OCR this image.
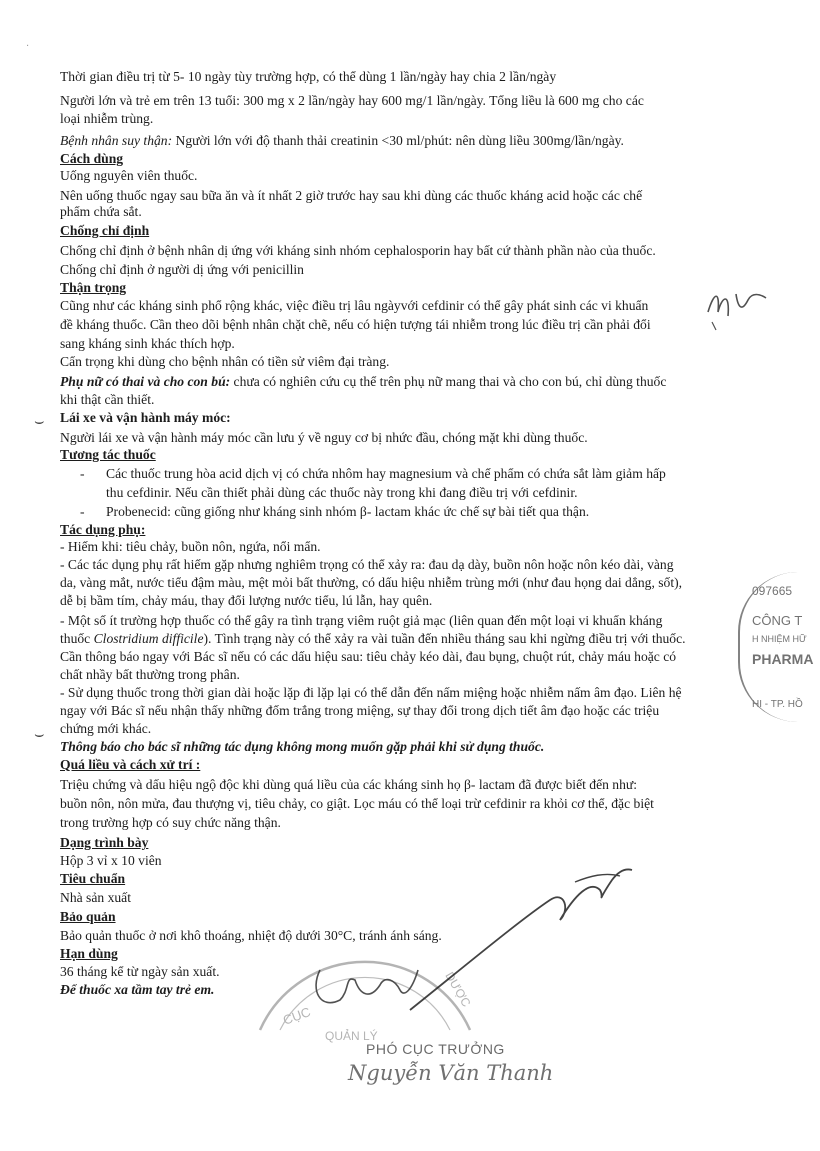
Thời gian điều trị từ 5- 10 ngày tùy trường hợp, có thể dùng 1 lần/ngày hay chia 2 lần/ngày
Người lớn và trẻ em trên 13 tuổi: 300 mg x 2 lần/ngày hay 600 mg/1 lần/ngày. Tổng liều là 600 mg cho các
loại nhiễm trùng.
Bệnh nhân suy thận: Người lớn với độ thanh thải creatinin <30 ml/phút: nên dùng liều 300mg/lần/ngày.
Cách dùng
Uống nguyên viên thuốc.
Nên uống thuốc ngay sau bữa ăn và ít nhất 2 giờ trước hay sau khi dùng các thuốc kháng acid hoặc các chế
phẩm chứa sắt.
Chống chỉ định
Chống chỉ định ở bệnh nhân dị ứng với kháng sinh nhóm cephalosporin hay bất cứ thành phần nào của thuốc.
Chống chỉ định ở người dị ứng với penicillin
Thận trọng
Cũng như các kháng sinh phổ rộng khác, việc điều trị lâu ngàyvới cefdinir có thể gây phát sinh các vi khuẩn
đề kháng thuốc. Cần theo dõi bệnh nhân chặt chẽ, nếu có hiện tượng tái nhiễm trong lúc điều trị cần phải đổi
sang kháng sinh khác thích hợp.
Cẩn trọng khi dùng cho bệnh nhân có tiền sử viêm đại tràng.
Phụ nữ có thai và cho con bú: chưa có nghiên cứu cụ thể trên phụ nữ mang thai và cho con bú, chỉ dùng thuốc
khi thật cần thiết.
Lái xe và vận hành máy móc:
Người lái xe và vận hành máy móc cần lưu ý về nguy cơ bị nhức đầu, chóng mặt khi dùng thuốc.
Tương tác thuốc
- Các thuốc trung hòa acid dịch vị có chứa nhôm hay magnesium và chế phẩm có chứa sắt làm giảm hấp
thu cefdinir. Nếu cần thiết phải dùng các thuốc này trong khi đang điều trị với cefdinir.
- Probenecid: cũng giống như kháng sinh nhóm β- lactam khác ức chế sự bài tiết qua thận.
Tác dụng phụ:
- Hiếm khi: tiêu chảy, buồn nôn, ngứa, nổi mẩn.
- Các tác dụng phụ rất hiếm gặp nhưng nghiêm trọng có thể xảy ra: đau dạ dày, buồn nôn hoặc nôn kéo dài, vàng
da, vàng mắt, nước tiểu đậm màu, mệt mỏi bất thường, có dấu hiệu nhiễm trùng mới (như đau họng dai dẳng, sốt),
dễ bị bầm tím, chảy máu, thay đổi lượng nước tiểu, lú lẫn, hay quên.
- Một số ít trường hợp thuốc có thể gây ra tình trạng viêm ruột giả mạc (liên quan đến một loại vi khuẩn kháng
thuốc Clostridium difficile). Tình trạng này có thể xảy ra vài tuần đến nhiều tháng sau khi ngừng điều trị với thuốc.
Cần thông báo ngay với Bác sĩ nếu có các dấu hiệu sau: tiêu chảy kéo dài, đau bụng, chuột rút, chảy máu hoặc có
chất nhầy bất thường trong phân.
- Sử dụng thuốc trong thời gian dài hoặc lặp đi lặp lại có thể dẫn đến nấm miệng hoặc nhiễm nấm âm đạo. Liên hệ
ngay với Bác sĩ nếu nhận thấy những đốm trắng trong miệng, sự thay đổi trong dịch tiết âm đạo hoặc các triệu
chứng mới khác.
Thông báo cho bác sĩ những tác dụng không mong muốn gặp phải khi sử dụng thuốc.
Quá liều và cách xử trí :
Triệu chứng và dấu hiệu ngộ độc khi dùng quá liều của các kháng sinh họ β- lactam đã được biết đến như:
buồn nôn, nôn mửa, đau thượng vị, tiêu chảy, co giật. Lọc máu có thể loại trừ cefdinir ra khỏi cơ thể, đặc biệt
trong trường hợp có suy chức năng thận.
Dạng trình bày
Hộp 3 vỉ x 10 viên
Tiêu chuẩn
Nhà sản xuất
Bảo quản
Bảo quản thuốc ở nơi khô thoáng, nhiệt độ dưới 30°C, tránh ánh sáng.
Hạn dùng
36 tháng kể từ ngày sản xuất.
Để thuốc xa tầm tay trẻ em.
⌣
⌣
·
097665
CÔNG T
H NHIỆM HỮ
PHARMA
HI - TP. HỒ
CỤC
QUẢN LÝ
DƯỢC
PHÓ CỤC TRƯỞNG
Nguyễn Văn Thanh
